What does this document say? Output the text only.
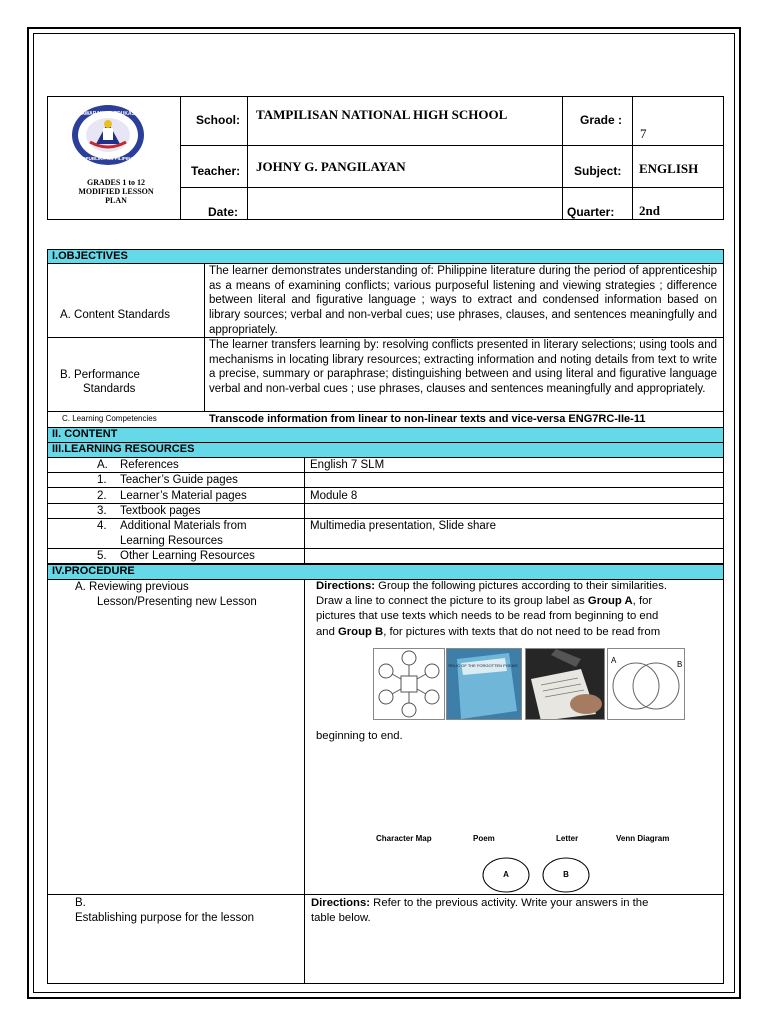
KAGAWARAN NG EDUKASYON
REPUBLIKA NG PILIPINAS
GRADES 1 to 12
MODIFIED LESSON
PLAN
School: TAMPILISAN NATIONAL HIGH SCHOOL	Grade :
7
Teacher: JOHNY G. PANGILAYAN	Subject: ENGLISH
Date:	Quarter: 2nd
I.OBJECTIVES
A. Content Standards
The learner demonstrates understanding of: Philippine literature during the period of apprenticeship as a means of examining conflicts; various purposeful listening and viewing strategies ; difference between literal and figurative language ; ways to extract and condensed information based on library sources; verbal and non-verbal cues; use phrases, clauses, and sentences meaningfully and appropriately.
B. Performance
Standards
The learner transfers learning by: resolving conflicts presented in literary selections; using tools and mechanisms in locating library resources; extracting information and noting details from text to write a precise, summary or paraphrase; distinguishing between and using literal and figurative language verbal and non-verbal cues ; use phrases, clauses and sentences meaningfully and appropriately.
C. Learning Competencies	Transcode information from linear to non-linear texts and vice-versa ENG7RC-IIe-11
II. CONTENT
III.LEARNING RESOURCES
A. References	English 7 SLM
1. Teacher’s Guide pages
2. Learner’s Material pages	Module 8
3. Textbook pages
4. Additional Materials from
Learning Resources
Multimedia presentation, Slide share
5. Other Learning Resources
IV.PROCEDURE
A. Reviewing previous
Lesson/Presenting new Lesson
Directions: Group the following pictures according to their similarities.
Draw a line to connect the picture to its group label as Group A, for
pictures that use texts which needs to be read from beginning to end
and Group B, for pictures with texts that do not need to be read from
RELIC OF THE FORGOTTEN POEMS
A	B
beginning to end.
Character Map	Poem	Letter	Venn Diagram
A	B
B.
Establishing purpose for the lesson
Directions: Refer to the previous activity. Write your answers in the
table below.
